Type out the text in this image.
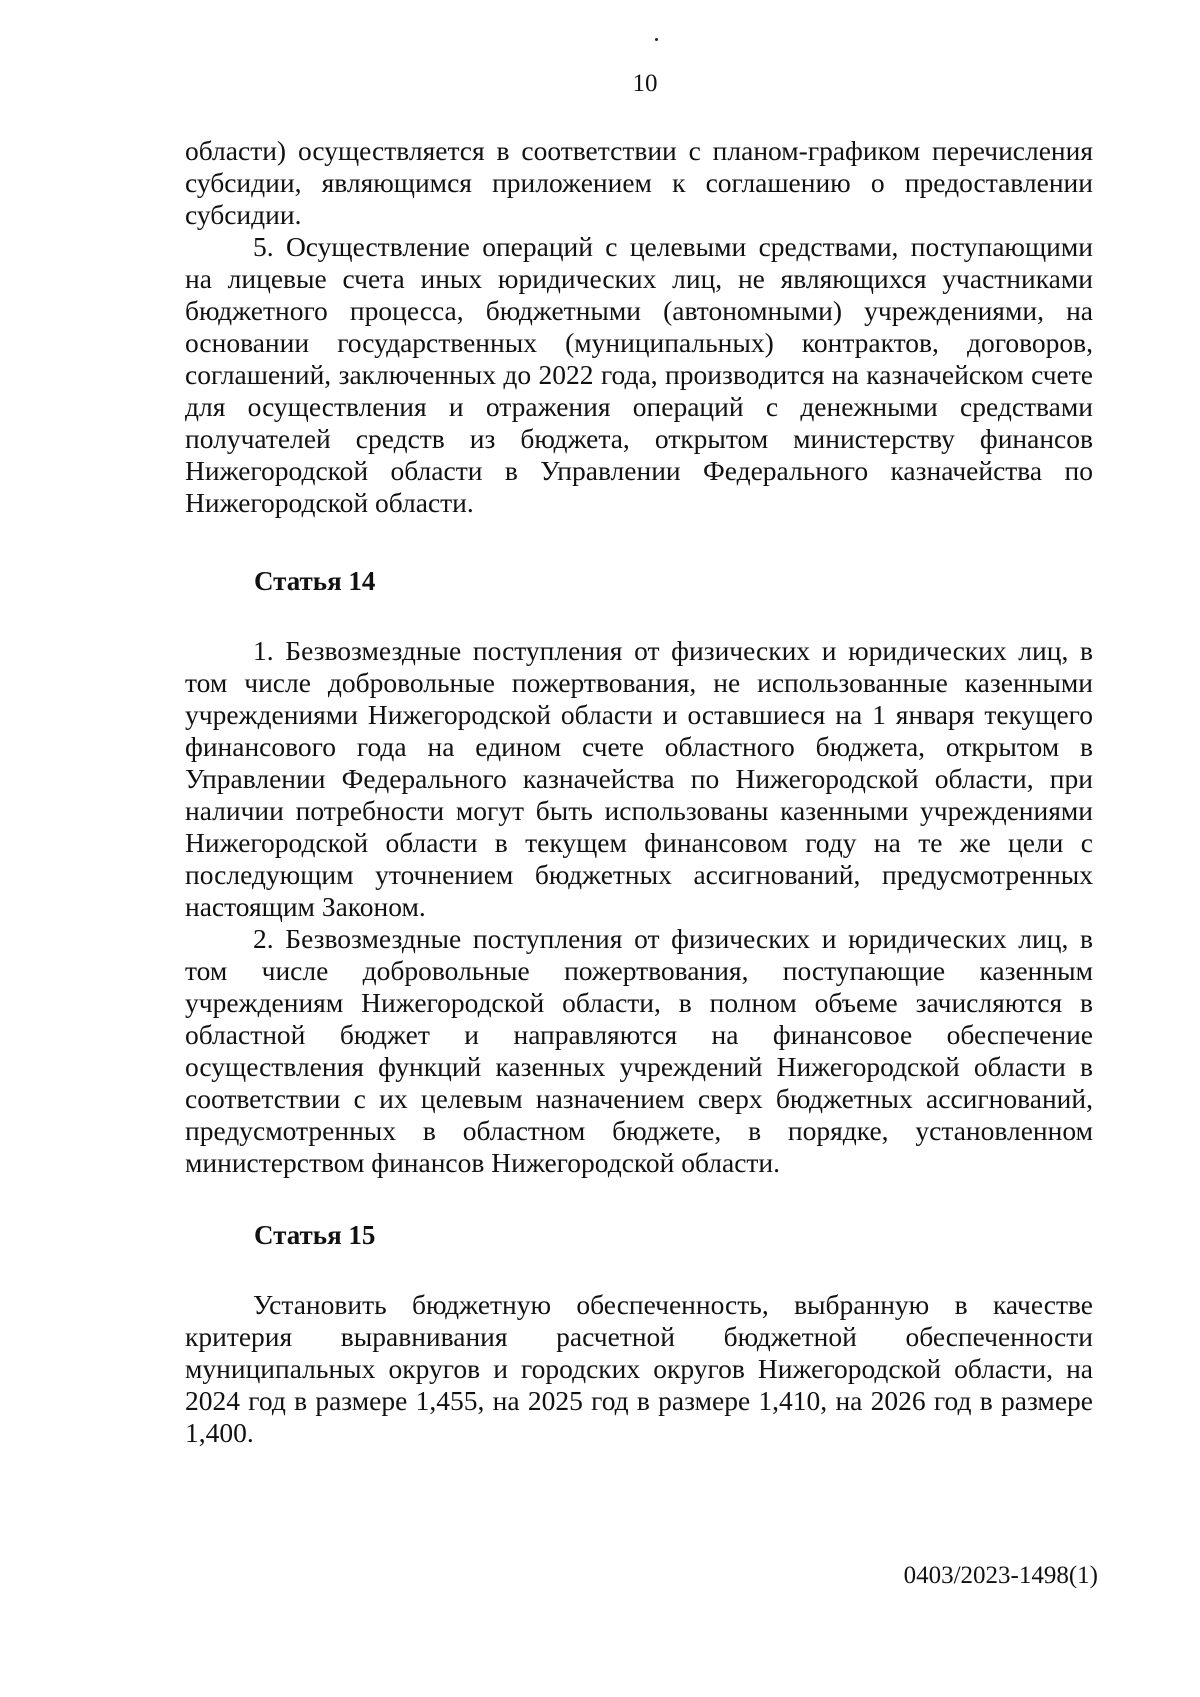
10

области) осуществляется в соответствии с планом-графиком перечисления субсидии, являющимся приложением к соглашению о предоставлении субсидии.

5. Осуществление операций с целевыми средствами, поступающими на лицевые счета иных юридических лиц, не являющихся участниками бюджетного процесса, бюджетными (автономными) учреждениями, на основании государственных (муниципальных) контрактов, договоров, соглашений, заключенных до 2022 года, производится на казначейском счете для осуществления и отражения операций с денежными средствами получателей средств из бюджета, открытом министерству финансов Нижегородской области в Управлении Федерального казначейства по Нижегородской области.

Статья 14

1. Безвозмездные поступления от физических и юридических лиц, в том числе добровольные пожертвования, не использованные казенными учреждениями Нижегородской области и оставшиеся на 1 января текущего финансового года на едином счете областного бюджета, открытом в Управлении Федерального казначейства по Нижегородской области, при наличии потребности могут быть использованы казенными учреждениями Нижегородской области в текущем финансовом году на те же цели с последующим уточнением бюджетных ассигнований, предусмотренных настоящим Законом.

2. Безвозмездные поступления от физических и юридических лиц, в том числе добровольные пожертвования, поступающие казенным учреждениям Нижегородской области, в полном объеме зачисляются в областной бюджет и направляются на финансовое обеспечение осуществления функций казенных учреждений Нижегородской области в соответствии с их целевым назначением сверх бюджетных ассигнований, предусмотренных в областном бюджете, в порядке, установленном министерством финансов Нижегородской области.

Статья 15

Установить бюджетную обеспеченность, выбранную в качестве критерия выравнивания расчетной бюджетной обеспеченности муниципальных округов и городских округов Нижегородской области, на 2024 год в размере 1,455, на 2025 год в размере 1,410, на 2026 год в размере 1,400.

0403/2023-1498(1)
